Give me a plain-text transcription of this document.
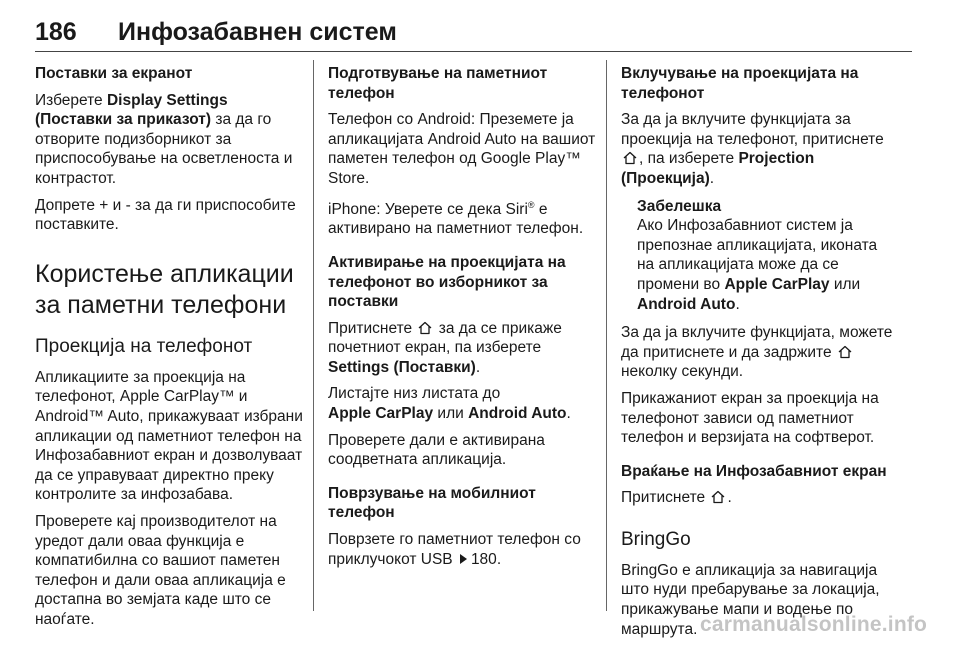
186 Инфозабавнен систем

Поставки за екранот

Изберете Display Settings
(Поставки за приказот) за да го отворите подизборникот за приспособување на осветленоста и контрастот.

Допрете + и - за да ги приспособите поставките.

Користење апликации за паметни телефони
Проекција на телефонот

Апликациите за проекција на телефонот, Apple CarPlay™ и Android™ Auto, прикажуваат избрани апликации од паметниот телефон на Инфозабавниот екран и дозволуваат да се управуваат директно преку контролите за инфозабава.

Проверете кај производителот на уредот дали оваа функција е компатибилна со вашиот паметен телефон и дали оваа апликација е достапна во земјата каде што се наоѓате.

Подготвување на паметниот телефон

Телефон со Android: Преземете ја апликацијата Android Auto на вашиот паметен телефон од Google Play™ Store.

iPhone: Уверете се дека Siri® е активирано на паметниот телефон.

Активирање на проекцијата на телефонот во изборникот за поставки

Притиснете  за да се прикаже почетниот екран, па изберете Settings (Поставки).

Листајте низ листата до
Apple CarPlay или Android Auto.

Проверете дали е активирана соодветната апликација.

Поврзување на мобилниот телефон

Поврзете го паметниот телефон со приклучокот USB 180.

Вклучување на проекцијата на телефонот

За да ја вклучите функцијата за проекција на телефонот, притиснете , па изберете Projection (Проекција).

Забелешка
Ако Инфозабавниот систем ја препознае апликацијата, иконата на апликацијата може да се промени во Apple CarPlay или
Android Auto.

За да ја вклучите функцијата, можете да притиснете и да задржите  неколку секунди.

Прикажаниот екран за проекција на телефонот зависи од паметниот телефон и верзијата на софтверот.

Враќање на Инфозабавниот екран

Притиснете .

BringGo

BringGo е апликација за навигација што нуди пребарување за локација, прикажување мапи и водење по маршрута. carmanualsonline.info
